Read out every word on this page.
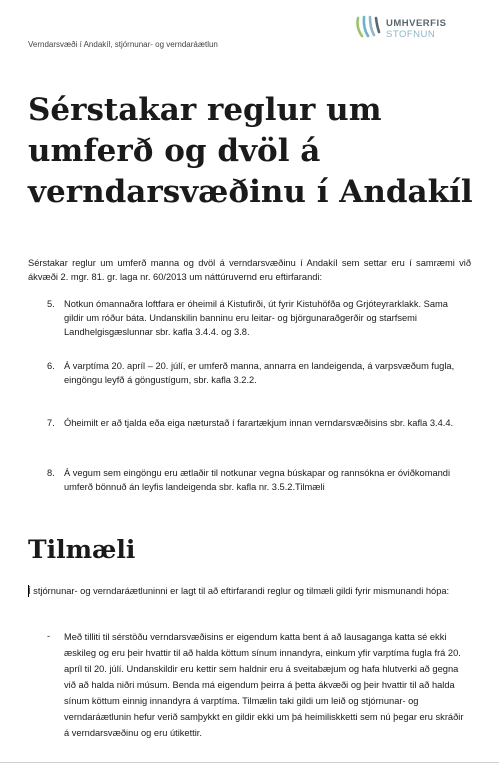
Verndarsvæði í Andakíl, stjórnunar- og verndaráætlun
UMHVERFIS
STOFNUN
Sérstakar reglur um umferð og dvöl á verndarsvæðinu í Andakíl

Sérstakar reglur um umferð manna og dvöl á verndarsvæðinu í Andakíl sem settar eru í samræmi við ákvæði 2. mgr. 81. gr. laga nr. 60/2013 um náttúruvernd eru eftirfarandi:

5. Notkun ómannaðra loftfara er óheimil á Kistufirði, út fyrir Kistuhöfða og Grjóteyrarklakk. Sama gildir um róður báta. Undanskilin banninu eru leitar- og björgunaraðgerðir og starfsemi Landhelgisgæslunnar sbr. kafla 3.4.4. og 3.8.
6. Á varptíma 20. apríl – 20. júlí, er umferð manna, annarra en landeigenda, á varpsvæðum fugla, eingöngu leyfð á göngustígum, sbr. kafla 3.2.2.
7. Óheimilt er að tjalda eða eiga næturstað í farartækjum innan verndarsvæðisins sbr. kafla 3.4.4.
8. Á vegum sem eingöngu eru ætlaðir til notkunar vegna búskapar og rannsókna er óviðkomandi umferð bönnuð án leyfis landeigenda sbr. kafla nr. 3.5.2.Tilmæli
Tilmæli

Í stjórnunar- og verndaráætluninni er lagt til að eftirfarandi reglur og tilmæli gildi fyrir mismunandi hópa:

- Með tilliti til sérstöðu verndarsvæðisins er eigendum katta bent á að lausaganga katta sé ekki æskileg og eru þeir hvattir til að halda köttum sínum innandyra, einkum yfir varptíma fugla frá 20. apríl til 20. júlí. Undanskildir eru kettir sem haldnir eru á sveitabæjum og hafa hlutverki að gegna við að halda niðri músum. Benda má eigendum þeirra á þetta ákvæði og þeir hvattir til að halda sínum köttum einnig innandyra á varptíma. Tilmælin taki gildi um leið og stjórnunar- og verndaráætlunin hefur verið samþykkt en gildir ekki um þá heimiliskketti sem nú þegar eru skráðir á verndarsvæðinu og eru útikettir.
